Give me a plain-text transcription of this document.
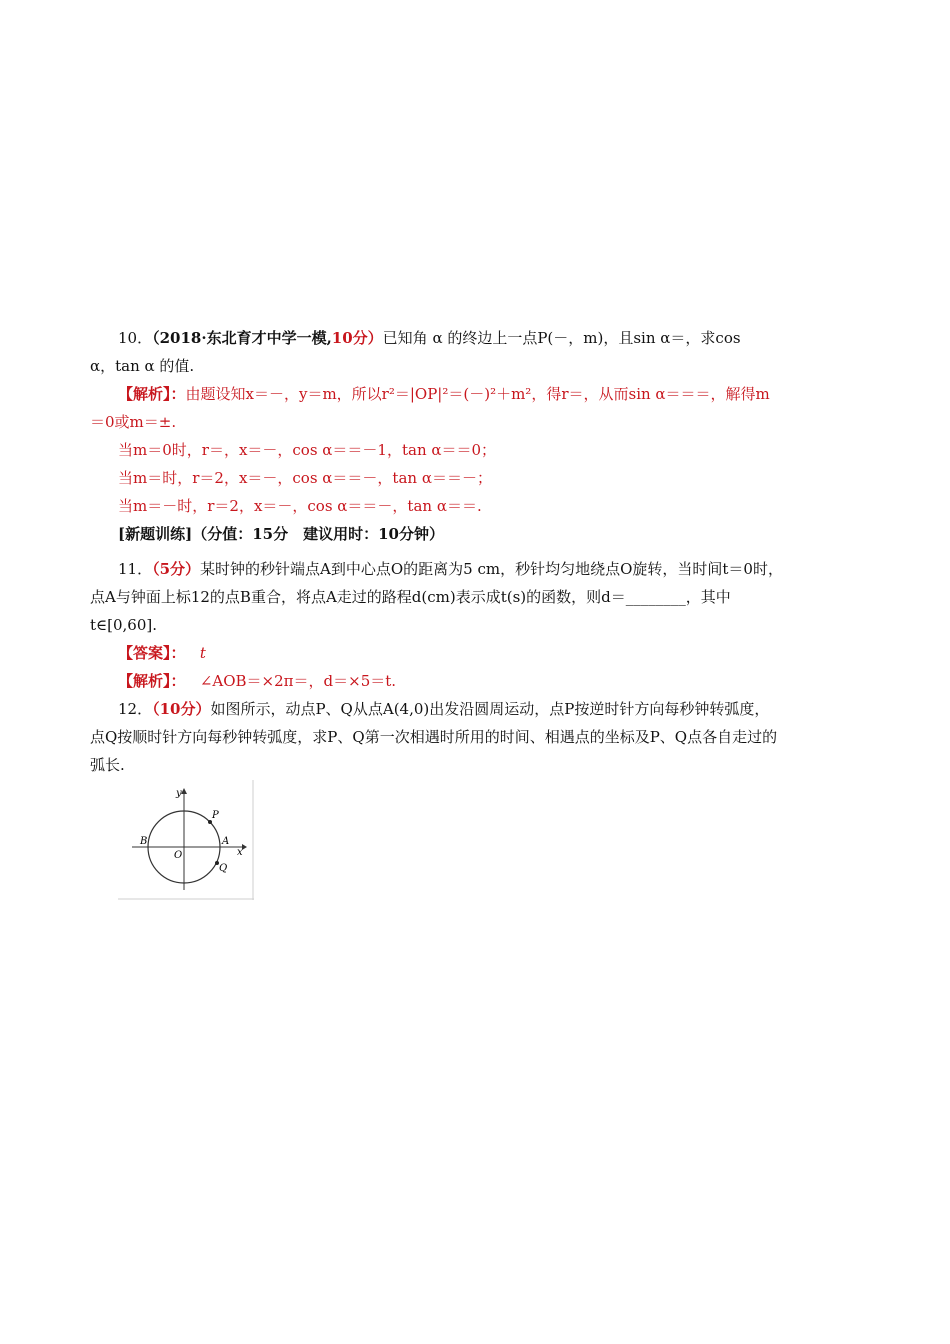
10．（2018·东北育才中学一模,10分）已知角 α 的终边上一点P(－，m)，且sin α＝，求cos
α，tan α 的值.
【解析】：由题设知x＝－，y＝m，所以r²＝|OP|²＝(－)²＋m²，得r＝，从而sin α＝＝＝，解得m
＝0或m＝±.
当m＝0时，r＝，x＝－，cos α＝＝－1，tan α＝＝0；
当m＝时，r＝2，x＝－，cos α＝＝－，tan α＝＝－；
当m＝－时，r＝2，x＝－，cos α＝＝－，tan α＝＝.
[新题训练]（分值：15分　建议用时：10分钟）
11．（5分）某时钟的秒针端点A到中心点O的距离为5 cm，秒针均匀地绕点O旋转，当时间t＝0时，
点A与钟面上标12的点B重合，将点A走过的路程d(cm)表示成t(s)的函数，则d＝________，其中
t∈[0,60].
【答案】： t
【解析】： ∠AOB＝×2π＝，d＝×5＝t.
12．（10分）如图所示，动点P、Q从点A(4,0)出发沿圆周运动，点P按逆时针方向每秒钟转弧度，
点Q按顺时针方向每秒钟转弧度，求P、Q第一次相遇时所用的时间、相遇点的坐标及P、Q点各自走过的
弧长.
y
P
B	A
x
O
Q
